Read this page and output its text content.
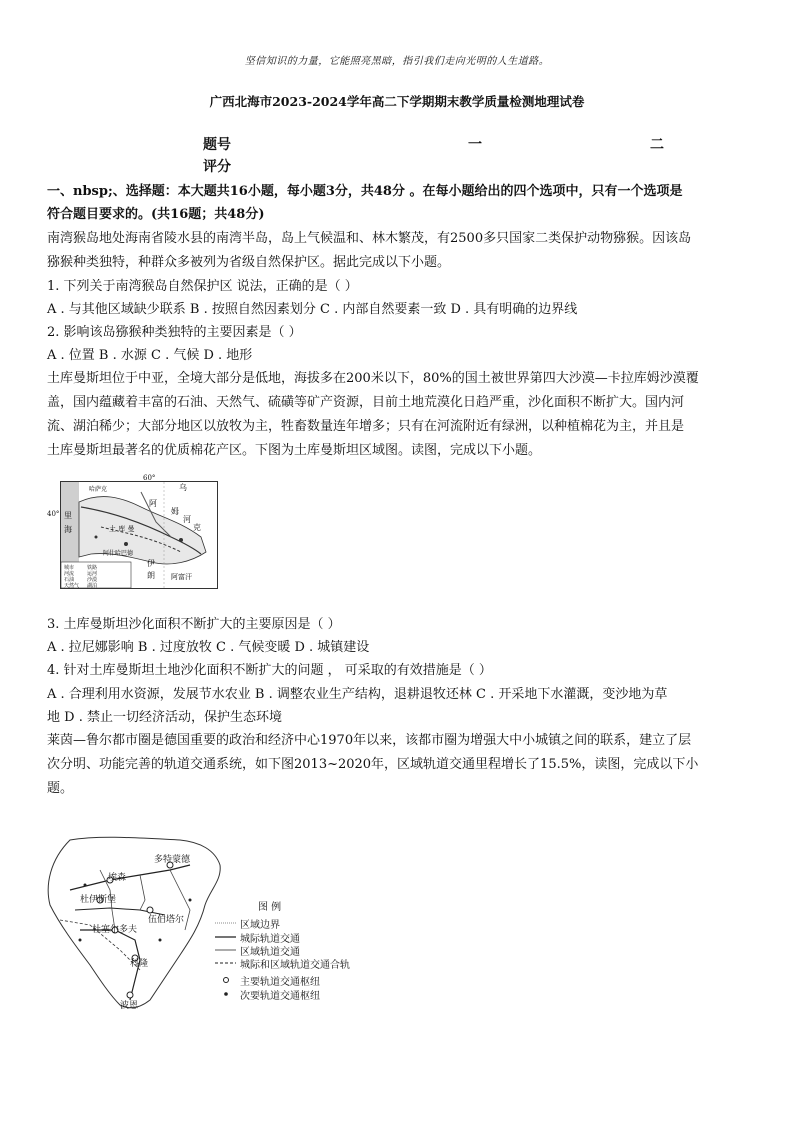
坚信知识的力量，它能照亮黑暗，指引我们走向光明的人生道路。
广西北海市2023-2024学年高二下学期期末教学质量检测地理试卷
题号	一	二
评分
一、nbsp;、选择题：本大题共16小题，每小题3分，共48分 。在每小题给出的四个选项中，只有一个选项是
符合题目要求的。(共16题；共48分)
南湾猴岛地处海南省陵水县的南湾半岛，岛上气候温和、林木繁茂，有2500多只国家二类保护动物猕猴。因该岛
猕猴种类独特，种群众多被列为省级自然保护区。据此完成以下小题。
1. 下列关于南湾猴岛自然保护区 说法，正确的是（ ）
A . 与其他区域缺少联系 B . 按照自然因素划分 C . 内部自然要素一致 D . 具有明确的边界线
2. 影响该岛猕猴种类独特的主要因素是（ ）
A . 位置 B . 水源 C . 气候 D . 地形
土库曼斯坦位于中亚，全境大部分是低地，海拔多在200米以下，80%的国土被世界第四大沙漠—卡拉库姆沙漠覆
盖，国内蕴藏着丰富的石油、天然气、硫磺等矿产资源，目前土地荒漠化日趋严重，沙化面积不断扩大。国内河
流、湖泊稀少；大部分地区以放牧为主，牲畜数量连年增多；只有在河流附近有绿洲，以种植棉花为主，并且是
土库曼斯坦最著名的优质棉花产区。下图为土库曼斯坦区域图。读图，完成以下小题。
60°
40°
乌
哈萨克
阿
姆
河
克
土 库 曼
里
海
阿什哈巴德
伊
朗 阿富汗
城市	铁路
河流	运河
石油	沙漠
天然气 湖泊
3. 土库曼斯坦沙化面积不断扩大的主要原因是（ ）
A . 拉尼娜影响 B . 过度放牧 C . 气候变暖 D . 城镇建设
4. 针对土库曼斯坦土地沙化面积不断扩大的问题 ， 可采取的有效措施是（ ）
A . 合理利用水资源，发展节水农业 B . 调整农业生产结构，退耕退牧还林 C . 开采地下水灌溉，变沙地为草
地 D . 禁止一切经济活动，保护生态环境
莱茵—鲁尔都市圈是德国重要的政治和经济中心1970年以来，该都市圈为增强大中小城镇之间的联系，建立了层
次分明、功能完善的轨道交通系统，如下图2013~2020年，区域轨道交通里程增长了15.5%，读图，完成以下小
题。
多特蒙德
埃森
杜伊斯堡
伍伯塔尔
杜塞尔多夫
科隆
波恩
图 例
区域边界
城际轨道交通
区域轨道交通
城际和区域轨道交通合轨
主要轨道交通枢纽
次要轨道交通枢纽
